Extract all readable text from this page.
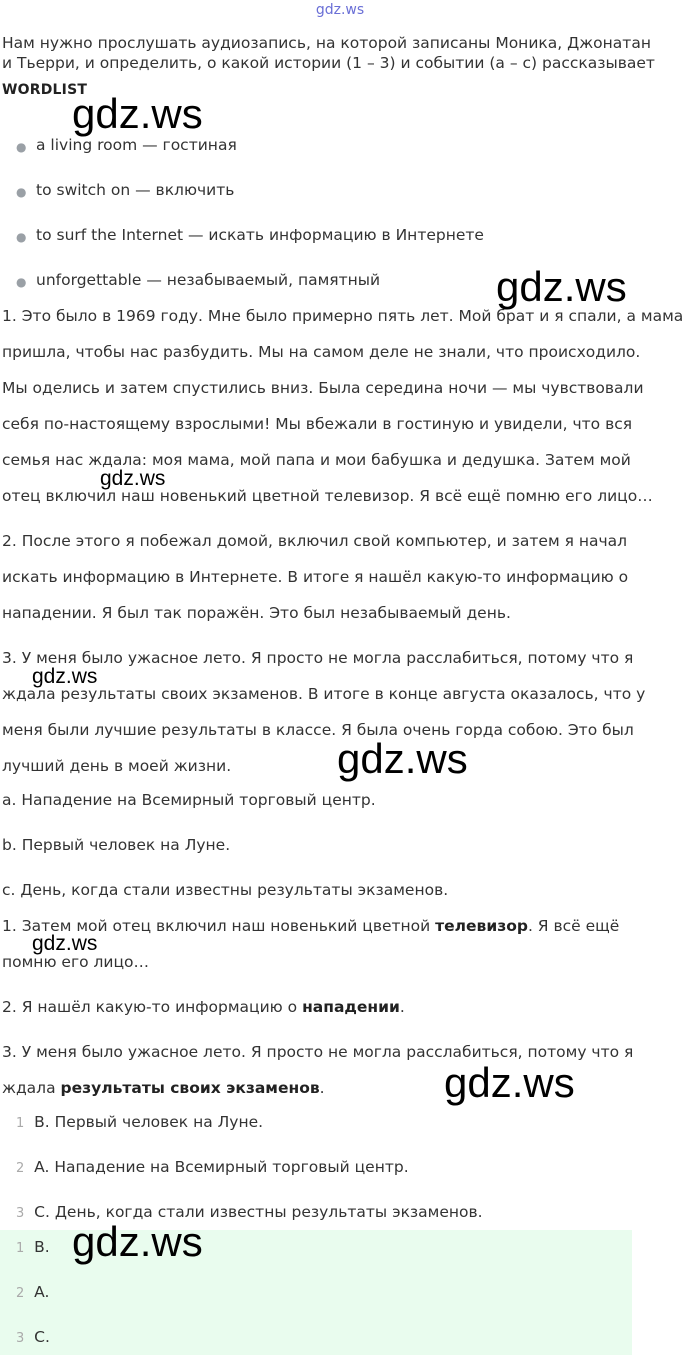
gdz.ws
Нам нужно прослушать аудиозапись, на которой записаны Моника, Джонатан
и Тьерри, и определить, о какой истории (1 – 3) и событии (a – c) рассказывает
WORDLIST
● a living room — гостиная
● to switch on — включить
● to surf the Internet — искать информацию в Интернете
● unforgettable — незабываемый, памятный
1. Это было в 1969 году. Мне было примерно пять лет. Мой брат и я спали, а мама
пришла, чтобы нас разбудить. Мы на самом деле не знали, что происходило.
Мы оделись и затем спустились вниз. Была середина ночи — мы чувствовали
себя по-настоящему взрослыми! Мы вбежали в гостиную и увидели, что вся
семья нас ждала: моя мама, мой папа и мои бабушка и дедушка. Затем мой
отец включил наш новенький цветной телевизор. Я всё ещё помню его лицо…
2. После этого я побежал домой, включил свой компьютер, и затем я начал
искать информацию в Интернете. В итоге я нашёл какую-то информацию о
нападении. Я был так поражён. Это был незабываемый день.
3. У меня было ужасное лето. Я просто не могла расслабиться, потому что я
ждала результаты своих экзаменов. В итоге в конце августа оказалось, что у
меня были лучшие результаты в классе. Я была очень горда собою. Это был
лучший день в моей жизни.
a. Нападение на Всемирный торговый центр.
b. Первый человек на Луне.
c. День, когда стали известны результаты экзаменов.
1. Затем мой отец включил наш новенький цветной телевизор. Я всё ещё
помню его лицо…
2. Я нашёл какую-то информацию о нападении.
3. У меня было ужасное лето. Я просто не могла расслабиться, потому что я
ждала результаты своих экзаменов.
1 B. Первый человек на Луне.
2 A. Нападение на Всемирный торговый центр.
3 C. День, когда стали известны результаты экзаменов.
1 B.
2 A.
3 C.
gdz.ws
gdz.ws
gdz.ws
gdz.ws
gdz.ws
gdz.ws
gdz.ws
gdz.ws
